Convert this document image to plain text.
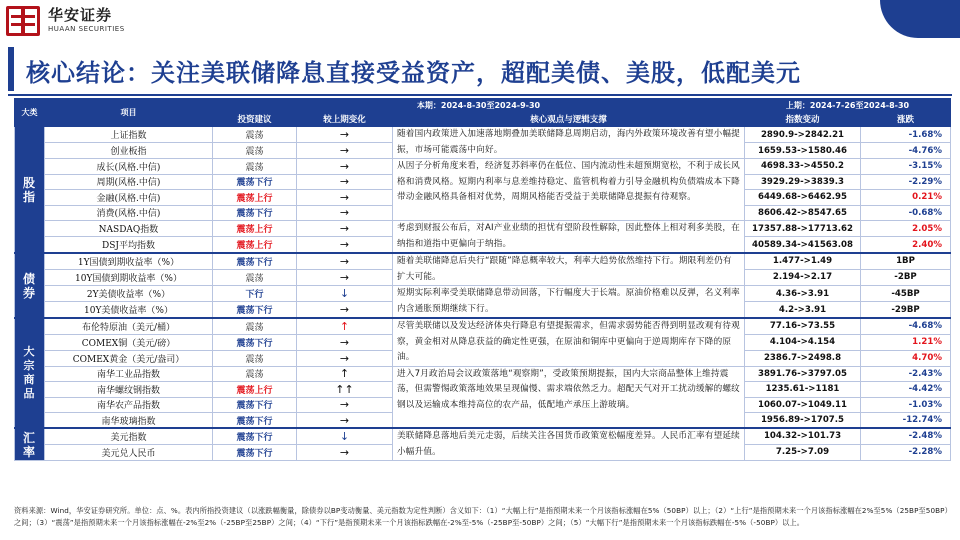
华安证券
HUAAN SECURITIES
核心结论：关注美联储降息直接受益资产，超配美债、美股，低配美元
大类	项目	本期：2024-8-30至2024-9-30			上期：2024-7-26至2024-8-30	
		投资建议	较上期变化	核心观点与逻辑支撑	指数变动	涨跌
股指	上证指数	震荡	→	随着国内政策进入加速落地期叠加美联储降息周期启动，海内外政策环境改善有望小幅提振，市场可能震荡中向好。	2890.9->2842.21	-1.68%
	创业板指	震荡	→		1659.53->1580.46	-4.76%
	成长(风格.中信)	震荡	→	从因子分析角度来看，经济复苏斜率仍在低位、国内流动性未超预期宽松，不利于成长风格和消费风格。短期内利率与息差维持稳定、监管机构着力引导金融机构负债端成本下降带动金融风格具备相对优势，周期风格能否受益于美联储降息提振有待观察。	4698.33->4550.2	-3.15%
	周期(风格.中信)	震荡下行	→		3929.29->3839.3	-2.29%
	金融(风格.中信)	震荡上行	→		6449.68->6462.95	0.21%
	消费(风格.中信)	震荡下行	→		8606.42->8547.65	-0.68%
	NASDAQ指数	震荡上行	→	考虑到财报公布后，对AI产业业绩的担忧有望阶段性解除，因此整体上相对利多美股，在纳指和道指中更偏向于纳指。	17357.88->17713.62	2.05%
	DSJ平均指数	震荡上行	→		40589.34->41563.08	2.40%
债券	1Y国债到期收益率（%）	震荡下行	→	随着美联储降息后央行“跟随”降息概率较大，利率大趋势依然维持下行。期限利差仍有扩大可能。	1.477->1.49	1BP
	10Y国债到期收益率（%）	震荡	→		2.194->2.17	-2BP
	2Y美债收益率（%）	下行	↓	短期实际利率受美联储降息带动回落，下行幅度大于长端。原油价格难以反弹，名义利率内含通胀预期继续下行。	4.36->3.91	-45BP
	10Y美债收益率（%）	震荡下行	→		4.2->3.91	-29BP
大宗商品	布伦特原油（美元/桶）	震荡	↑	尽管美联储以及发达经济体央行降息有望提振需求，但需求弱势能否得到明显改观有待观察，黄金相对从降息获益的确定性更强，在原油和铜库中更偏向于逆周期库存下降的原油。	77.16->73.55	-4.68%
	COMEX铜（美元/磅）	震荡下行	→		4.104->4.154	1.21%
	COMEX黄金（美元/盎司）	震荡	→		2386.7->2498.8	4.70%
	南华工业品指数	震荡	↑	进入7月政治局会议政策落地“观察期”，受政策预期提振，国内大宗商品整体上维持震荡，但需警惕政策落地效果呈现偏慢、需求端依然乏力。超配天气对开工扰动缓解的螺纹钢以及运输成本维持高位的农产品，低配地产承压上游玻璃。	3891.76->3797.05	-2.43%
	南华螺纹钢指数	震荡上行	↑↑		1235.61->1181	-4.42%
	南华农产品指数	震荡下行	→		1060.07->1049.11	-1.03%
	南华玻璃指数	震荡下行	→		1956.89->1707.5	-12.74%
汇率	美元指数	震荡下行	↓	美联储降息落地后美元走弱，后续关注各国货币政策宽松幅度差异。人民币汇率有望延续小幅升值。	104.32->101.73	-2.48%
	美元兑人民币	震荡下行	→		7.25->7.09	-2.28%
资料来源：Wind，华安证券研究所。单位：点、%。表内所指投资建议（以涨跌幅衡量，除债券以BP变动衡量、美元指数为定性判断）含义如下：（1）“大幅上行”是指预期未来一个月该指标涨幅在5%（50BP）以上；（2）“上行”是指预期未来一个月该指标涨幅在2%至5%（25BP至50BP）之间；（3）“震荡”是指预期未来一个月该指标涨幅在-2%至2%（-25BP至25BP）之间；（4）“下行”是指预期未来一个月该指标跌幅在-2%至-5%（-25BP至-50BP）之间；（5）“大幅下行”是指预期未来一个月该指标跌幅在-5%（-50BP）以上。
